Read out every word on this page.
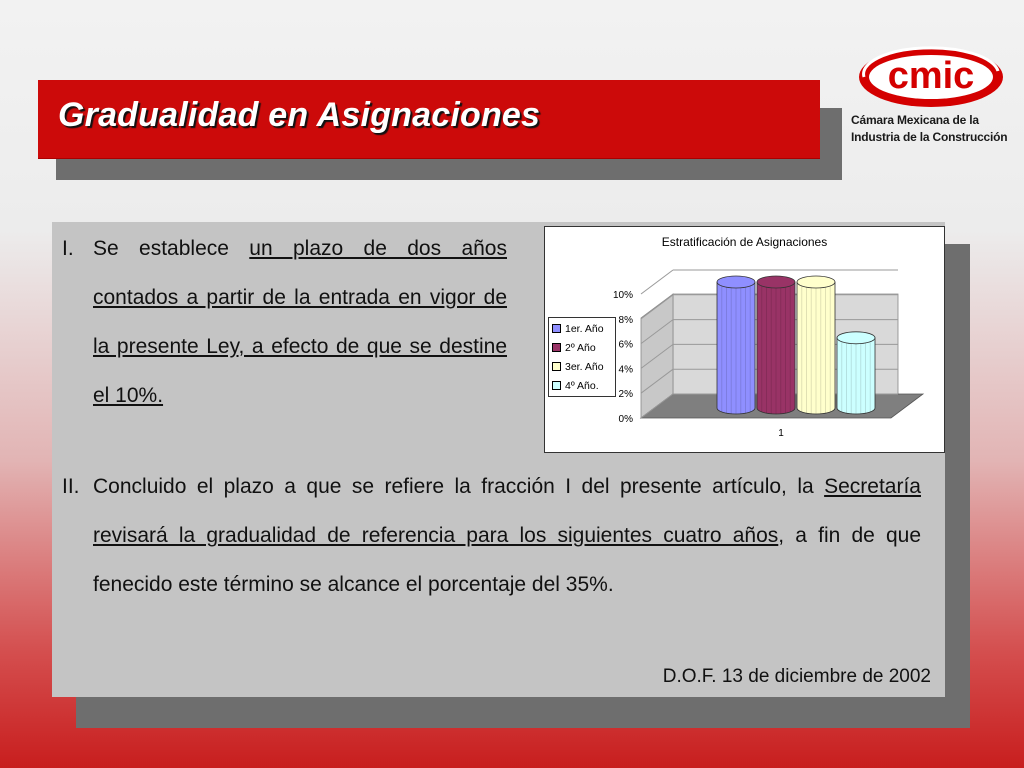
Gradualidad en Asignaciones
cmic
Cámara Mexicana de la
Industria de la Construcción
I. Se establece un plazo de dos años contados a partir de la entrada en vigor de la presente Ley, a efecto de que se destine el 10%.
Estratificación de Asignaciones
0%
2%
4%
6%
8%
10%
1
1er. Año
2º Año
3er. Año
4º Año.
II. Concluido el plazo a que se refiere la fracción I del presente artículo, la Secretaría revisará la gradualidad de referencia para los siguientes cuatro años, a fin de que fenecido este término se alcance el porcentaje del 35%.
D.O.F. 13 de diciembre de 2002
